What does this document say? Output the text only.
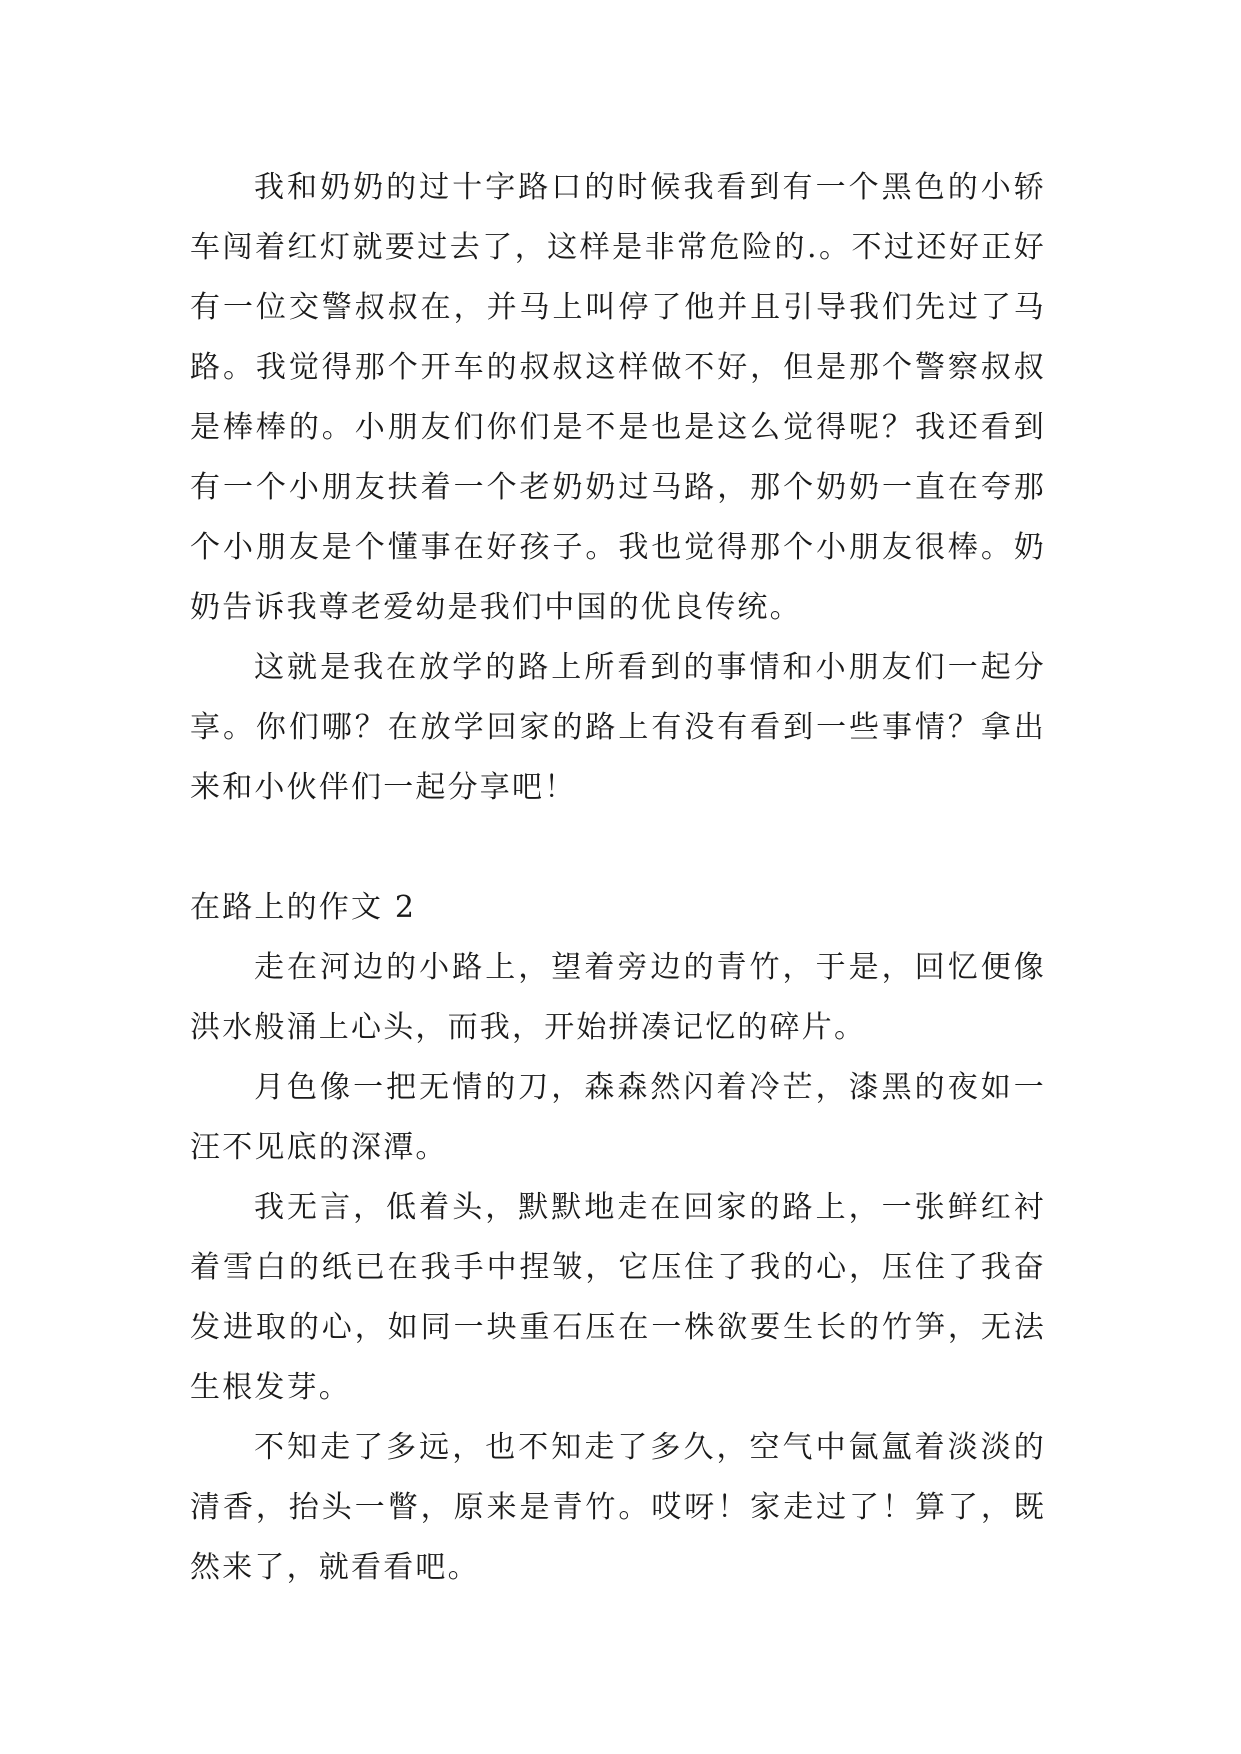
我和奶奶的过十字路口的时候我看到有一个黑色的小轿车闯着红灯就要过去了，这样是非常危险的.。不过还好正好有一位交警叔叔在，并马上叫停了他并且引导我们先过了马路。我觉得那个开车的叔叔这样做不好，但是那个警察叔叔是棒棒的。小朋友们你们是不是也是这么觉得呢？我还看到有一个小朋友扶着一个老奶奶过马路，那个奶奶一直在夸那个小朋友是个懂事在好孩子。我也觉得那个小朋友很棒。奶奶告诉我尊老爱幼是我们中国的优良传统。

这就是我在放学的路上所看到的事情和小朋友们一起分享。你们哪？在放学回家的路上有没有看到一些事情？拿出来和小伙伴们一起分享吧！

在路上的作文 2

走在河边的小路上，望着旁边的青竹，于是，回忆便像洪水般涌上心头，而我，开始拼凑记忆的碎片。

月色像一把无情的刀，森森然闪着冷芒，漆黑的夜如一汪不见底的深潭。

我无言，低着头，默默地走在回家的路上，一张鲜红衬着雪白的纸已在我手中捏皱，它压住了我的心，压住了我奋发进取的心，如同一块重石压在一株欲要生长的竹笋，无法生根发芽。

不知走了多远，也不知走了多久，空气中氤氲着淡淡的清香，抬头一瞥，原来是青竹。哎呀！家走过了！算了，既然来了，就看看吧。
